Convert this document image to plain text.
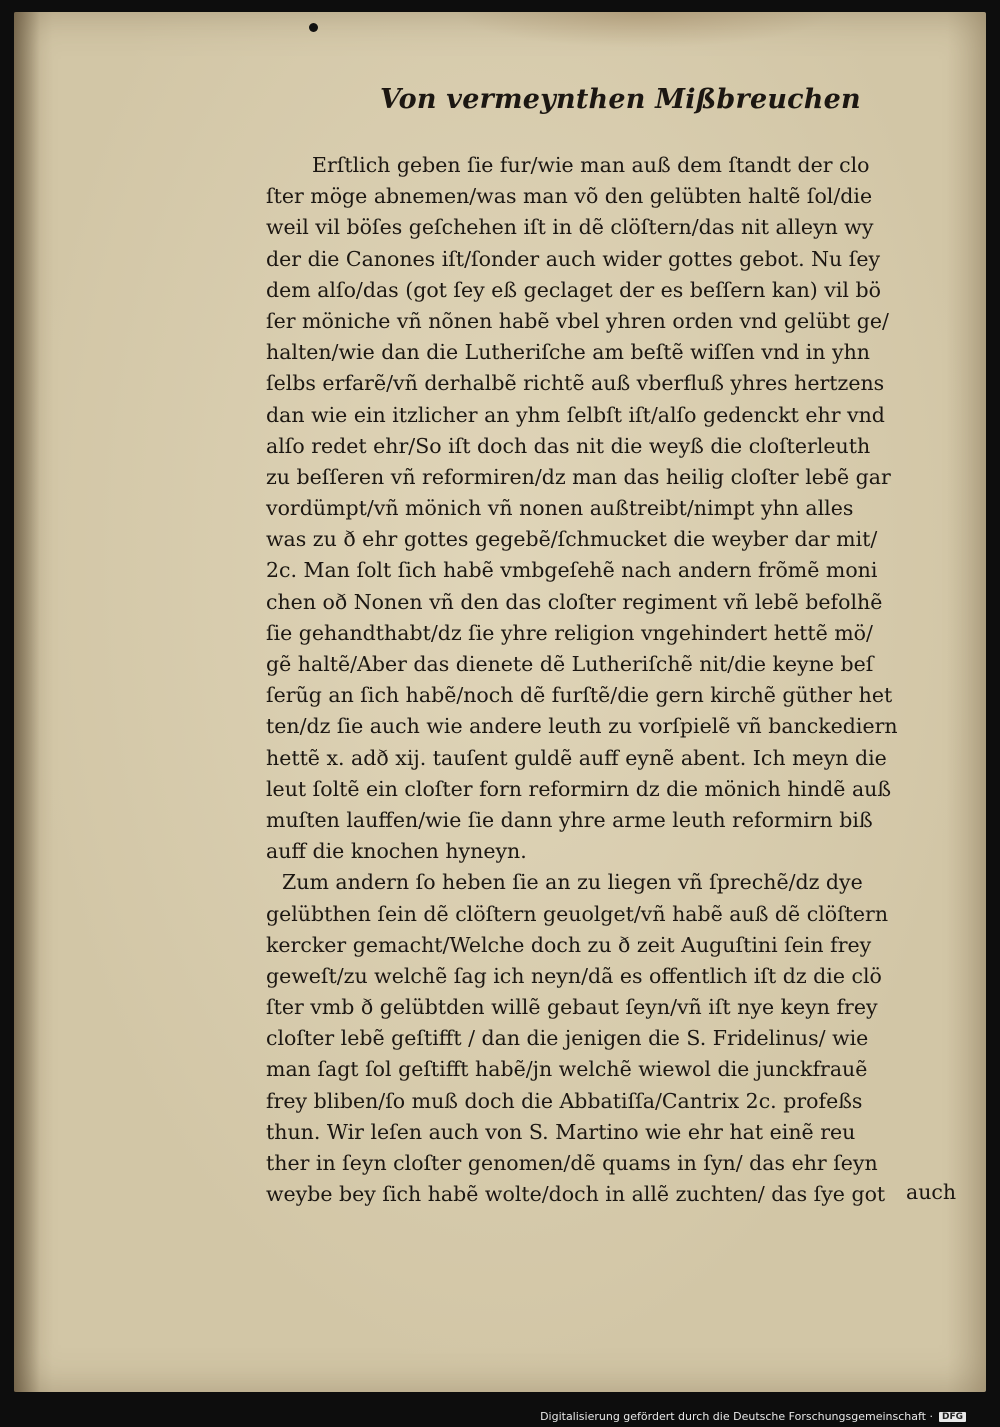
Von vermeynthen Mißbreuchen
Erſtlich geben ſie fur/wie man auß dem ſtandt der clo
ſter möge abnemen/was man võ den gelübten haltẽ ſol/die
weil vil böſes geſchehen iſt in dẽ clöſtern/das nit alleyn wy
der die Canones iſt/ſonder auch wider gottes gebot. Nu ſey
dem alſo/das (got ſey eß geclaget der es beſſern kan) vil bö
ſer möniche vñ nõnen habẽ vbel yhren orden vnd gelübt ge/
halten/wie dan die Lutheriſche am beſtẽ wiſſen vnd in yhn
ſelbs erfarẽ/vñ derhalbẽ richtẽ auß vberfluß yhres hertzens
dan wie ein itzlicher an yhm ſelbſt iſt/alſo gedenckt ehr vnd
alſo redet ehr/So iſt doch das nit die weyß die cloſterleuth
zu beſſeren vñ reformiren/dz man das heilig cloſter lebẽ gar
vordümpt/vñ mönich vñ nonen außtreibt/nimpt yhn alles
was zu ð ehr gottes gegebẽ/ſchmucket die weyber dar mit/
2c. Man ſolt ſich habẽ vmbgeſehẽ nach andern frõmẽ moni
chen oð Nonen vñ den das cloſter regiment vñ lebẽ befolhẽ
ſie gehandthabt/dz ſie yhre religion vngehindert hettẽ mö/
gẽ haltẽ/Aber das dienete dẽ Lutheriſchẽ nit/die keyne beſ
ſerũg an ſich habẽ/noch dẽ furſtẽ/die gern kirchẽ güther het
ten/dz ſie auch wie andere leuth zu vorſpielẽ vñ banckediern
hettẽ x. adð xij. tauſent guldẽ auff eynẽ abent. Ich meyn die
leut ſoltẽ ein cloſter forn reformirn dz die mönich hindẽ auß
muſten lauffen/wie ſie dann yhre arme leuth reformirn biß
auff die knochen hyneyn.
Zum andern ſo heben ſie an zu liegen vñ ſprechẽ/dz dye
gelübthen ſein dẽ clöſtern geuolget/vñ habẽ auß dẽ clöſtern
kercker gemacht/Welche doch zu ð zeit Auguſtini ſein frey
geweſt/zu welchẽ ſag ich neyn/dã es offentlich iſt dz die clö
ſter vmb ð gelübtden willẽ gebaut ſeyn/vñ iſt nye keyn frey
cloſter lebẽ geſtifft / dan die jenigen die S. Fridelinus/ wie
man ſagt ſol geſtifft habẽ/jn welchẽ wiewol die junckfrauẽ
frey bliben/ſo muß doch die Abbatiſſa/Cantrix 2c. profeßs
thun. Wir leſen auch von S. Martino wie ehr hat einẽ reu
ther in ſeyn cloſter genomen/dẽ quams in ſyn/ das ehr ſeyn
weybe bey ſich habẽ wolte/doch in allẽ zuchten/ das ſye got	auch
Digitalisierung gefördert durch die Deutsche Forschungsgemeinschaft · DFG
